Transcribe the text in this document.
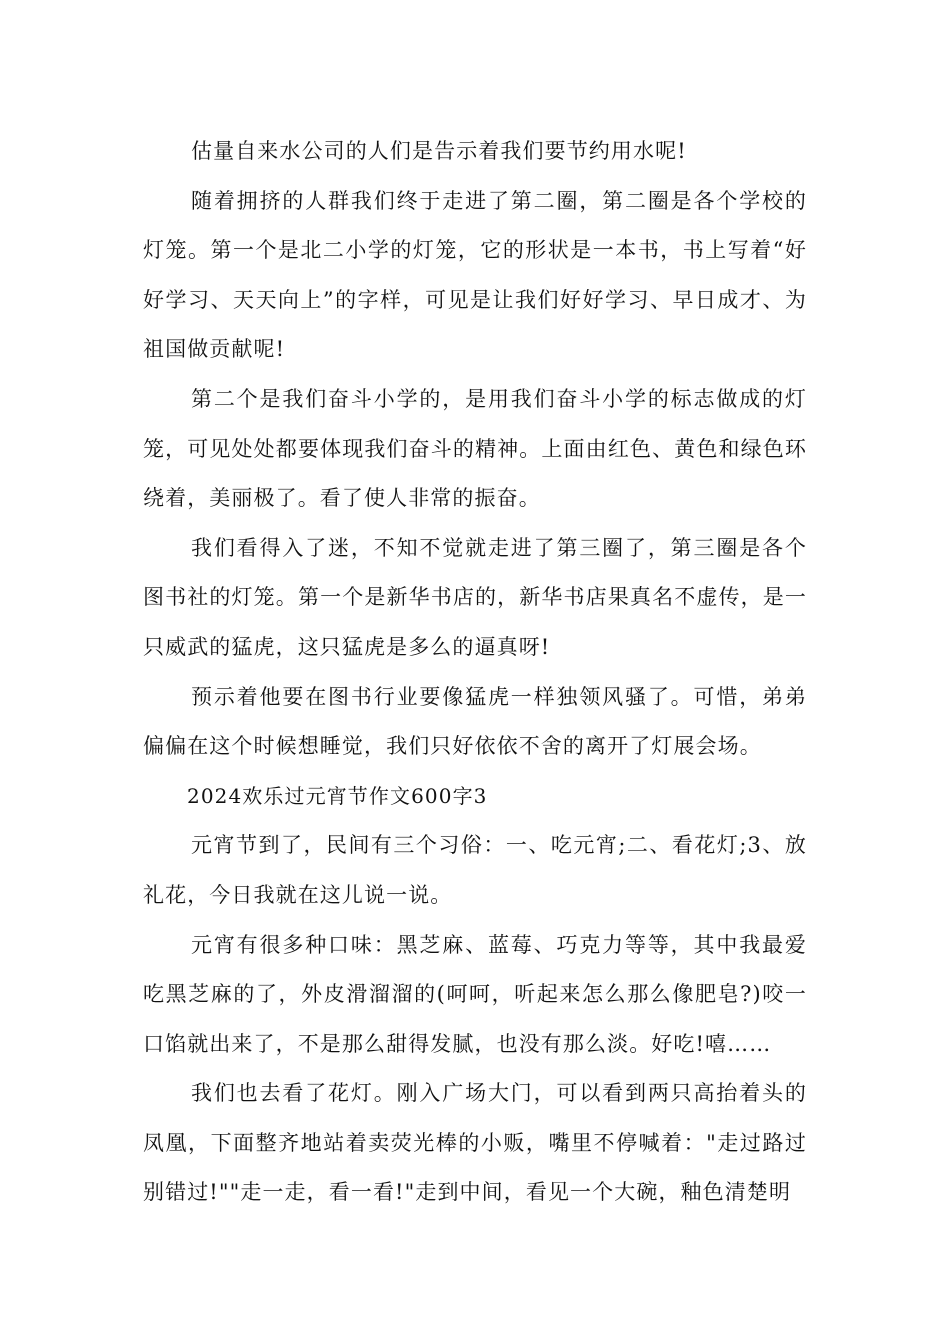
估量自来水公司的人们是告示着我们要节约用水呢!

随着拥挤的人群我们终于走进了第二圈，第二圈是各个学校的灯笼。第一个是北二小学的灯笼，它的形状是一本书，书上写着“好好学习、天天向上”的字样，可见是让我们好好学习、早日成才、为祖国做贡献呢!

第二个是我们奋斗小学的，是用我们奋斗小学的标志做成的灯笼，可见处处都要体现我们奋斗的精神。上面由红色、黄色和绿色环绕着，美丽极了。看了使人非常的振奋。

我们看得入了迷，不知不觉就走进了第三圈了，第三圈是各个图书社的灯笼。第一个是新华书店的，新华书店果真名不虚传，是一只威武的猛虎，这只猛虎是多么的逼真呀!

预示着他要在图书行业要像猛虎一样独领风骚了。可惜，弟弟偏偏在这个时候想睡觉，我们只好依依不舍的离开了灯展会场。

2024欢乐过元宵节作文600字3

元宵节到了，民间有三个习俗：一、吃元宵;二、看花灯;3、放礼花，今日我就在这儿说一说。

元宵有很多种口味：黑芝麻、蓝莓、巧克力等等，其中我最爱吃黑芝麻的了，外皮滑溜溜的(呵呵，听起来怎么那么像肥皂?)咬一口馅就出来了，不是那么甜得发腻，也没有那么淡。好吃!嘻……

我们也去看了花灯。刚入广场大门，可以看到两只高抬着头的凤凰，下面整齐地站着卖荧光棒的小贩，嘴里不停喊着："走过路过别错过!""走一走，看一看!"走到中间，看见一个大碗，釉色清楚明
